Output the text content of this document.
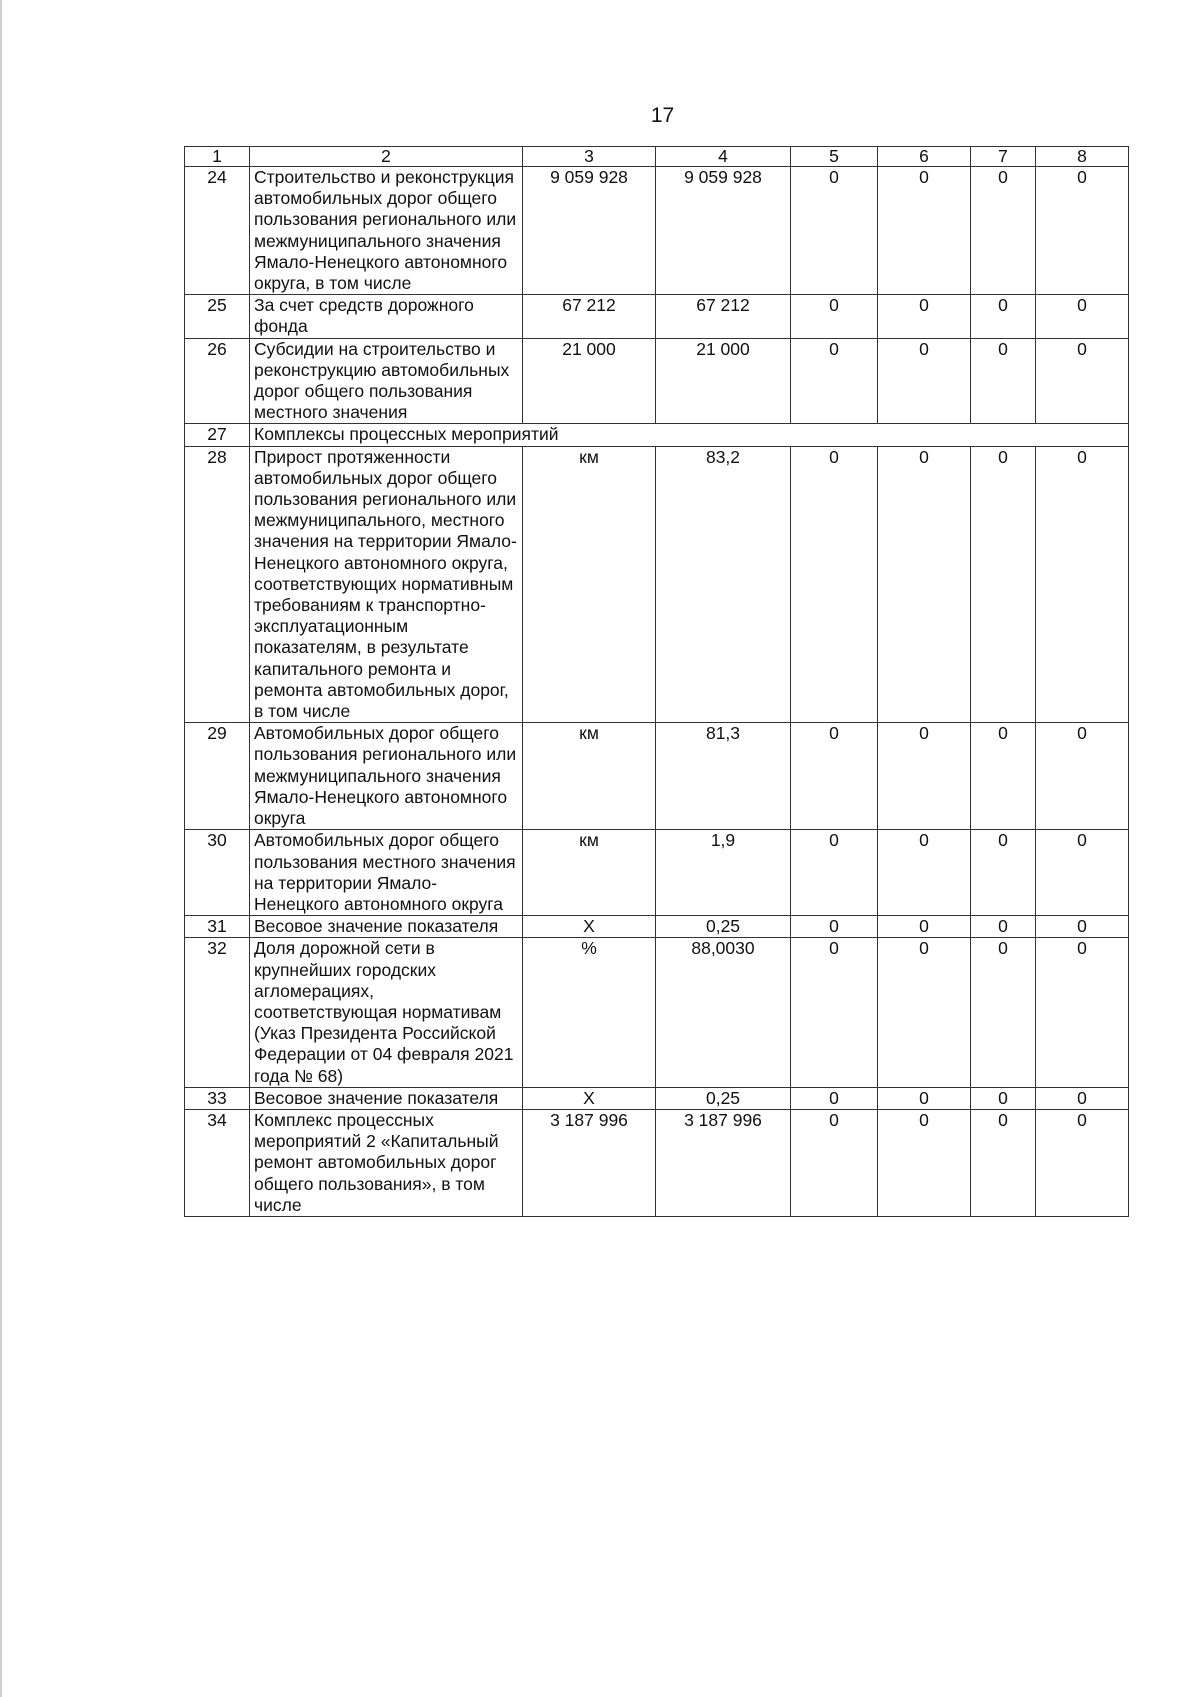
17
1	2	3	4	5	6	7	8
24	Строительство и реконструкция автомобильных дорог общего пользования регионального или межмуниципального значения Ямало-Ненецкого автономного округа, в том числе	9 059 928	9 059 928	0	0	0	0
25	За счет средств дорожного фонда	67 212	67 212	0	0	0	0
26	Субсидии на строительство и реконструкцию автомобильных дорог общего пользования местного значения	21 000	21 000	0	0	0	0
27	Комплексы процессных мероприятий						
28	Прирост протяженности автомобильных дорог общего пользования регионального или межмуниципального, местного значения на территории Ямало-Ненецкого автономного округа, соответствующих нормативным требованиям к транспортно-эксплуатационным показателям, в результате капитального ремонта и ремонта автомобильных дорог, в том числе	км	83,2	0	0	0	0
29	Автомобильных дорог общего пользования регионального или межмуниципального значения Ямало-Ненецкого автономного округа	км	81,3	0	0	0	0
30	Автомобильных дорог общего пользования местного значения на территории Ямало-Ненецкого автономного округа	км	1,9	0	0	0	0
31	Весовое значение показателя	Х	0,25	0	0	0	0
32	Доля дорожной сети в крупнейших городских агломерациях, соответствующая нормативам (Указ Президента Российской Федерации от 04 февраля 2021 года № 68)	%	88,0030	0	0	0	0
33	Весовое значение показателя	Х	0,25	0	0	0	0
34	Комплекс процессных мероприятий 2 «Капитальный ремонт автомобильных дорог общего пользования», в том числе	3 187 996	3 187 996	0	0	0	0
